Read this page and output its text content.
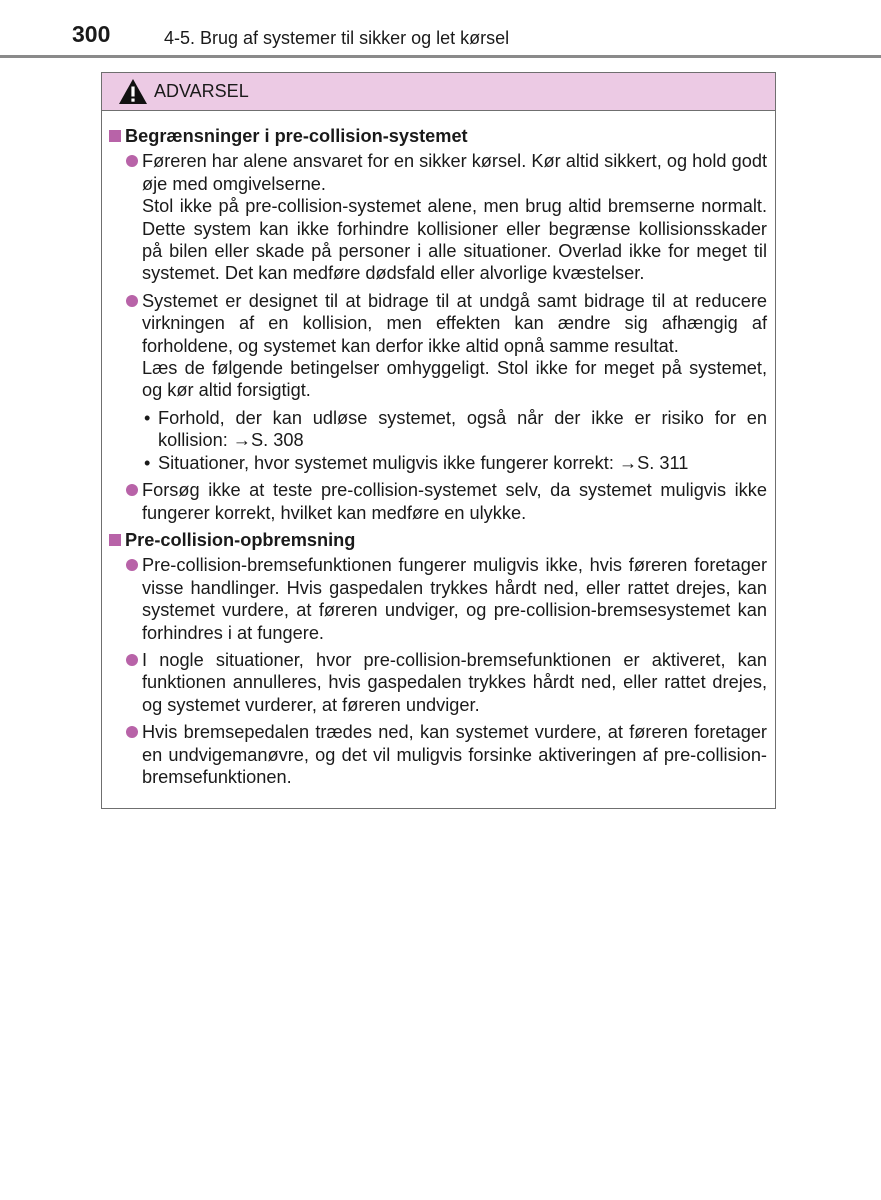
300	4-5. Brug af systemer til sikker og let kørsel
ADVARSEL
Begrænsninger i pre-collision-systemet
Føreren har alene ansvaret for en sikker kørsel. Kør altid sikkert, og hold godt øje med omgivelserne.
Stol ikke på pre-collision-systemet alene, men brug altid bremserne normalt. Dette system kan ikke forhindre kollisioner eller begrænse kollisionsskader på bilen eller skade på personer i alle situationer. Overlad ikke for meget til systemet. Det kan medføre dødsfald eller alvorlige kvæstelser.
Systemet er designet til at bidrage til at undgå samt bidrage til at reducere virkningen af en kollision, men effekten kan ændre sig afhængig af forholdene, og systemet kan derfor ikke altid opnå samme resultat.
Læs de følgende betingelser omhyggeligt. Stol ikke for meget på systemet, og kør altid forsigtigt.
• Forhold, der kan udløse systemet, også når der ikke er risiko for en kollision: →S. 308
• Situationer, hvor systemet muligvis ikke fungerer korrekt: →S. 311
Forsøg ikke at teste pre-collision-systemet selv, da systemet muligvis ikke fungerer korrekt, hvilket kan medføre en ulykke.
Pre-collision-opbremsning
Pre-collision-bremsefunktionen fungerer muligvis ikke, hvis føreren foretager visse handlinger. Hvis gaspedalen trykkes hårdt ned, eller rattet drejes, kan systemet vurdere, at føreren undviger, og pre-collision-bremsesystemet kan forhindres i at fungere.
I nogle situationer, hvor pre-collision-bremsefunktionen er aktiveret, kan funktionen annulleres, hvis gaspedalen trykkes hårdt ned, eller rattet drejes, og systemet vurderer, at føreren undviger.
Hvis bremsepedalen trædes ned, kan systemet vurdere, at føreren foretager en undvigemanøvre, og det vil muligvis forsinke aktiveringen af pre-collision-bremsefunktionen.
